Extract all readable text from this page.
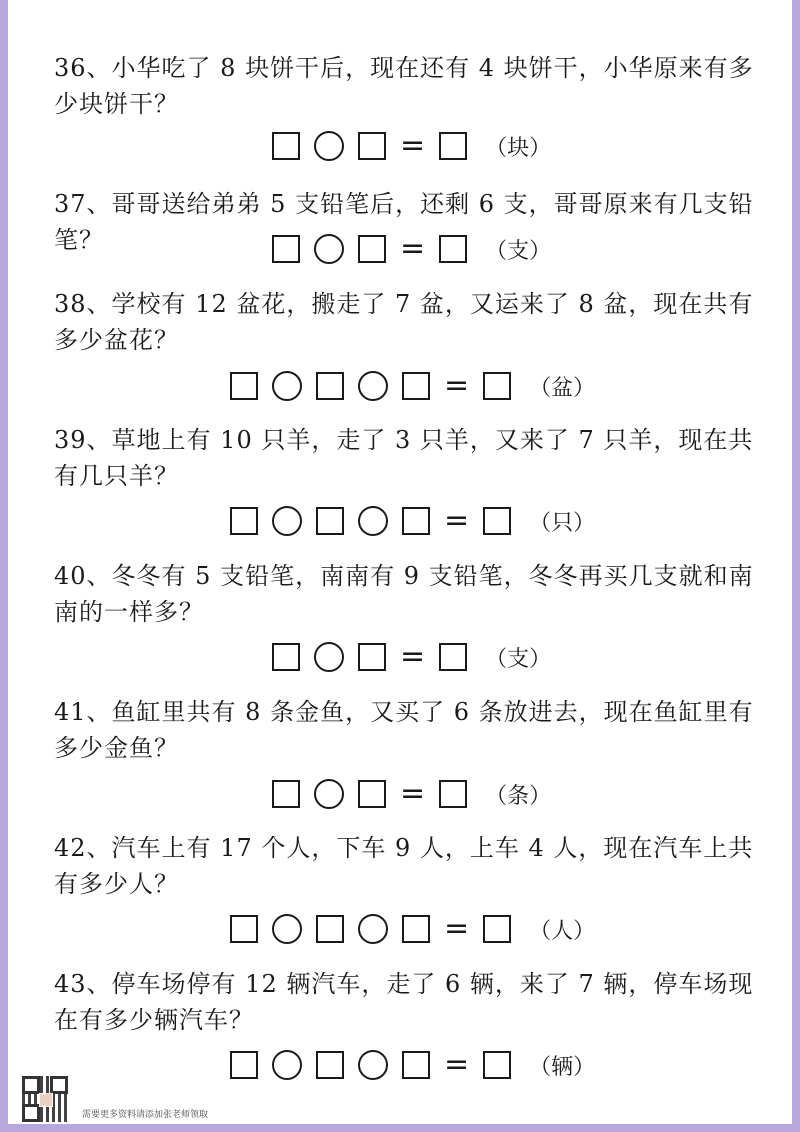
36、小华吃了 8 块饼干后，现在还有 4 块饼干，小华原来有多少块饼干？

=	（块）

37、哥哥送给弟弟 5 支铅笔后，还剩 6 支，哥哥原来有几支铅笔？	=	（支）

38、学校有 12 盆花，搬走了 7 盆，又运来了 8 盆，现在共有多少盆花？

=	（盆）

39、草地上有 10 只羊，走了 3 只羊，又来了 7 只羊，现在共有几只羊？

=	（只）

40、冬冬有 5 支铅笔，南南有 9 支铅笔，冬冬再买几支就和南南的一样多？

=	（支）

41、鱼缸里共有 8 条金鱼，又买了 6 条放进去，现在鱼缸里有多少金鱼？

=	（条）

42、汽车上有 17 个人，下车 9 人，上车 4 人，现在汽车上共有多少人？

=	（人）

43、停车场停有 12 辆汽车，走了 6 辆，来了 7 辆，停车场现在有多少辆汽车？

=	（辆）
需要更多资料请添加张老师领取
